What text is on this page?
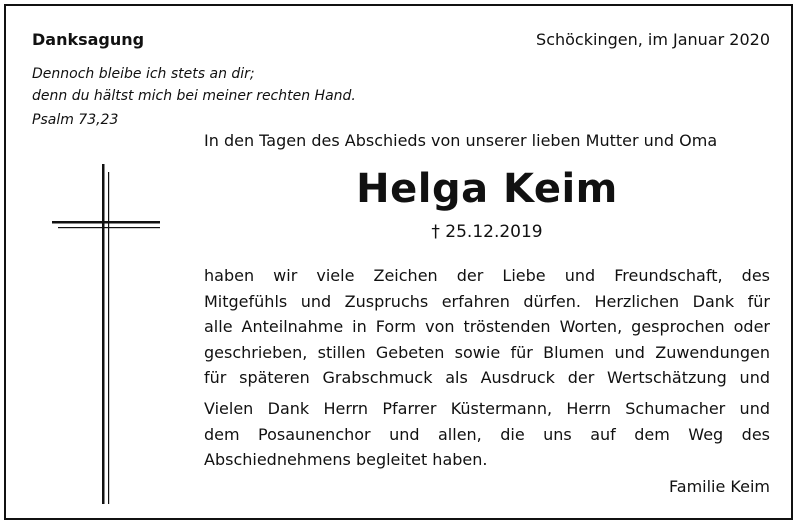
Danksagung	Schöckingen, im Januar 2020
Dennoch bleibe ich stets an dir;
denn du hältst mich bei meiner rechten Hand.
Psalm 73,23
In den Tagen des Abschieds von unserer lieben Mutter und Oma
Helga Keim
† 25.12.2019
haben wir viele Zeichen der Liebe und Freundschaft, des
Mitgefühls und Zuspruchs erfahren dürfen. Herzlichen Dank für
alle Anteilnahme in Form von tröstenden Worten, gesprochen oder
geschrieben, stillen Gebeten sowie für Blumen und Zuwendungen
für späteren Grabschmuck als Ausdruck der Wertschätzung und
Vielen Dank Herrn Pfarrer Küstermann, Herrn Schumacher und
dem Posaunenchor und allen, die uns auf dem Weg des
Abschiednehmens begleitet haben.
Familie Keim
